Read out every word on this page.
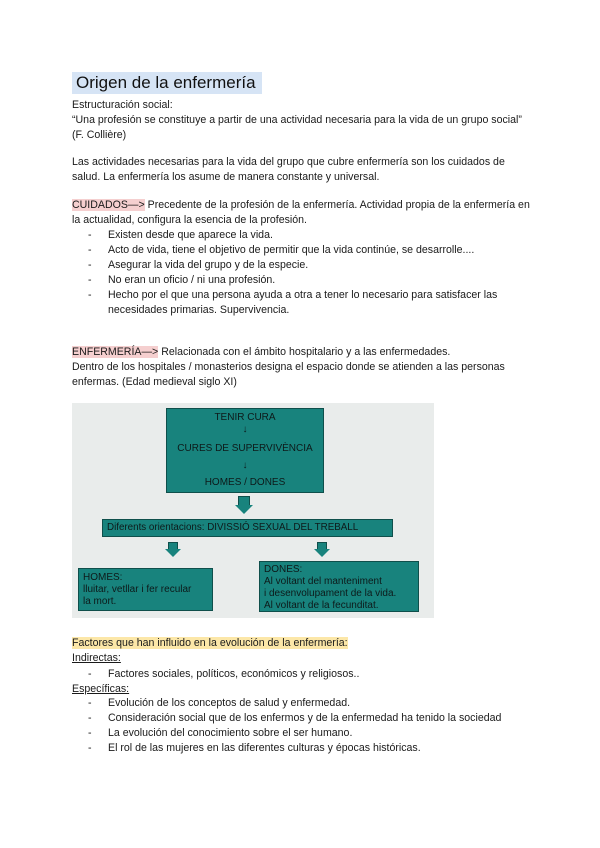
Origen de la enfermería

Estructuración social:

“Una profesión se constituye a partir de una actividad necesaria para la vida de un grupo social” (F. Collière)

Las actividades necesarias para la vida del grupo que cubre enfermería son los cuidados de salud. La enfermería los asume de manera constante y universal.

CUIDADOS—> Precedente de la profesión de la enfermería. Actividad propia de la enfermería en la actualidad, configura la esencia de la profesión.

- Existen desde que aparece la vida.
- Acto de vida, tiene el objetivo de permitir que la vida continúe, se desarrolle....
- Asegurar la vida del grupo y de la especie.
- No eran un oficio / ni una profesión.
- Hecho por el que una persona ayuda a otra a tener lo necesario para satisfacer las necesidades primarias. Supervivencia.

ENFERMERÍA—> Relacionada con el ámbito hospitalario y a las enfermedades.

Dentro de los hospitales / monasterios designa el espacio donde se atienden a las personas enfermas. (Edad medieval siglo XI)

TENIR CURA
↓
CURES DE SUPERVIVÈNCIA
↓
HOMES / DONES
Diferents orientacions: DIVISSIÓ SEXUAL DEL TREBALL
HOMES:
lluitar, vetllar i fer recular
la mort.
DONES:
Al voltant del manteniment
i desenvolupament de la vida.
Al voltant de la fecunditat.

Factores que han influido en la evolución de la enfermería:

Indirectas:

- Factores sociales, políticos, económicos y religiosos..

Específicas:

- Evolución de los conceptos de salud y enfermedad.
- Consideración social que de los enfermos y de la enfermedad ha tenido la sociedad
- La evolución del conocimiento sobre el ser humano.
- El rol de las mujeres en las diferentes culturas y épocas históricas.
